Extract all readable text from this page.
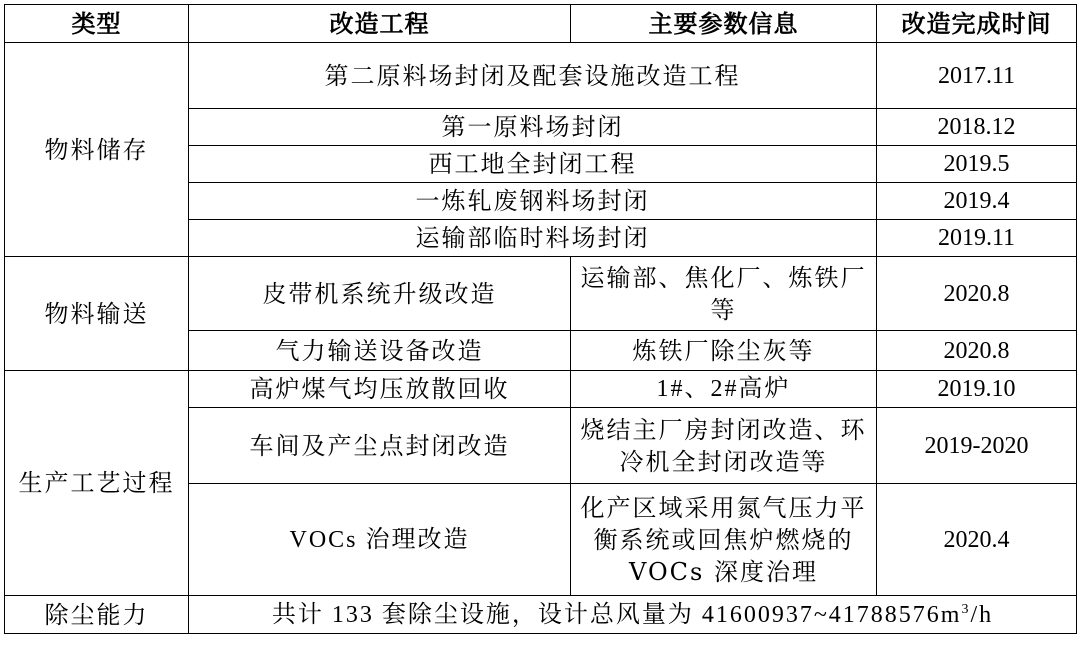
类型	改造工程	主要参数信息	改造完成时间
物料储存	第二原料场封闭及配套设施改造工程		2017.11
	第一原料场封闭		2018.12
	西工地全封闭工程		2019.5
	一炼轧废钢料场封闭		2019.4
	运输部临时料场封闭		2019.11
物料输送	皮带机系统升级改造	运输部、焦化厂、炼铁厂等	2020.8
	气力输送设备改造	炼铁厂除尘灰等	2020.8
生产工艺过程	高炉煤气均压放散回收	1#、2#高炉	2019.10
	车间及产尘点封闭改造	烧结主厂房封闭改造、环冷机全封闭改造等	2019-2020
	VOCs 治理改造	化产区域采用氮气压力平衡系统或回焦炉燃烧的 VOCs 深度治理	2020.4
除尘能力	共计 133 套除尘设施，设计总风量为 $41600937\sim 41788576m^3/h$		
